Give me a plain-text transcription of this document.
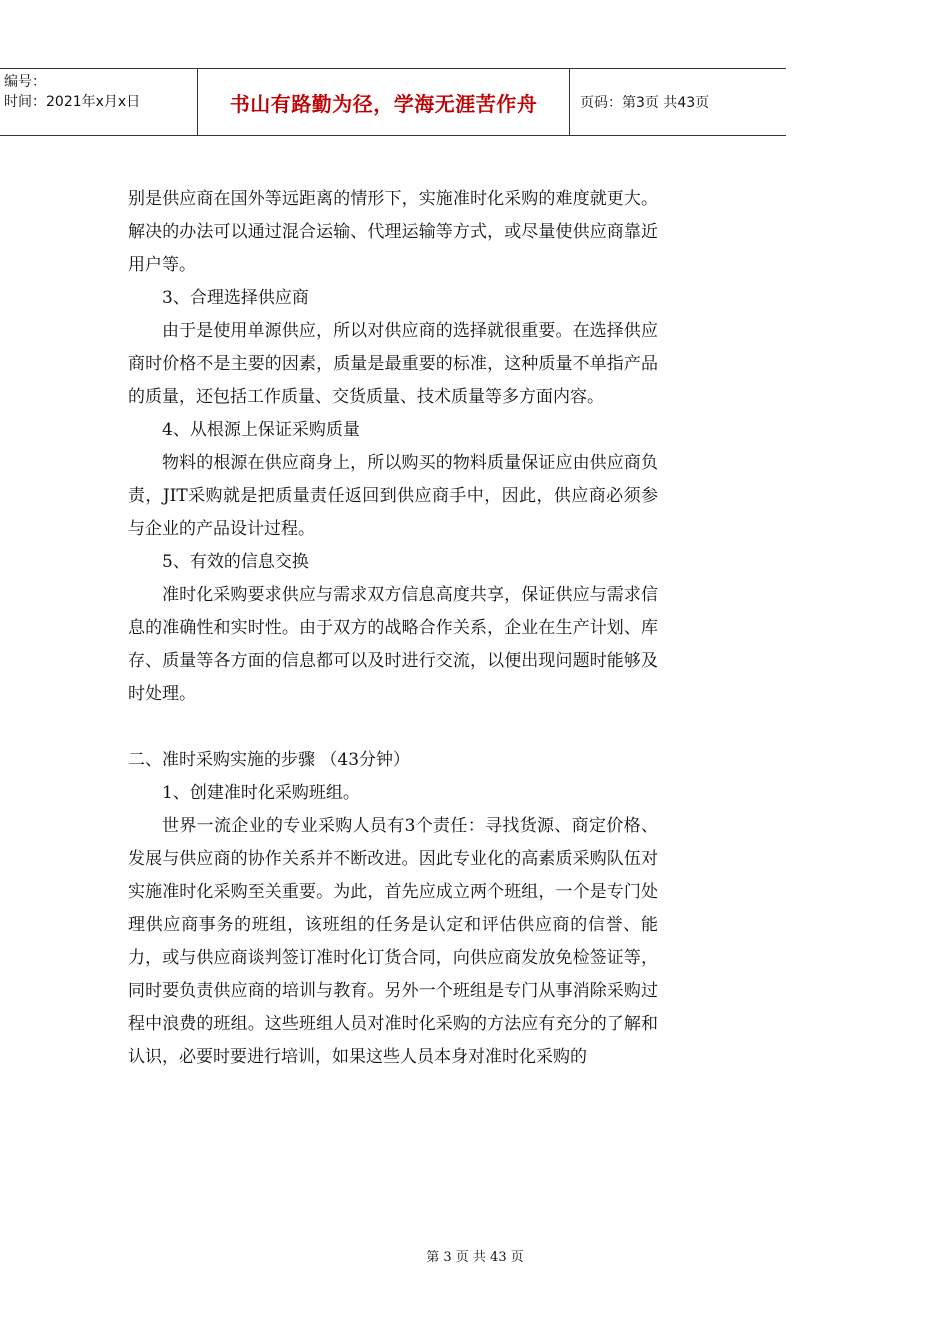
编号：
时间：2021年x月x日	书山有路勤为径，学海无涯苦作舟	页码：第3页 共43页

别是供应商在国外等远距离的情形下，实施准时化采购的难度就更大。解决的办法可以通过混合运输、代理运输等方式，或尽量使供应商靠近用户等。

3、合理选择供应商

由于是使用单源供应，所以对供应商的选择就很重要。在选择供应商时价格不是主要的因素，质量是最重要的标准，这种质量不单指产品的质量，还包括工作质量、交货质量、技术质量等多方面内容。

4、从根源上保证采购质量

物料的根源在供应商身上，所以购买的物料质量保证应由供应商负责，JIT采购就是把质量责任返回到供应商手中，因此，供应商必须参与企业的产品设计过程。

5、有效的信息交换

准时化采购要求供应与需求双方信息高度共享，保证供应与需求信息的准确性和实时性。由于双方的战略合作关系，企业在生产计划、库存、质量等各方面的信息都可以及时进行交流，以便出现问题时能够及时处理。

二、准时采购实施的步骤 （43分钟）

1、创建准时化采购班组。

世界一流企业的专业采购人员有3个责任：寻找货源、商定价格、发展与供应商的协作关系并不断改进。因此专业化的高素质采购队伍对实施准时化采购至关重要。为此，首先应成立两个班组，一个是专门处理供应商事务的班组，该班组的任务是认定和评估供应商的信誉、能力，或与供应商谈判签订准时化订货合同，向供应商发放免检签证等，同时要负责供应商的培训与教育。另外一个班组是专门从事消除采购过程中浪费的班组。这些班组人员对准时化采购的方法应有充分的了解和认识，必要时要进行培训，如果这些人员本身对准时化采购的

第 3 页 共 43 页
